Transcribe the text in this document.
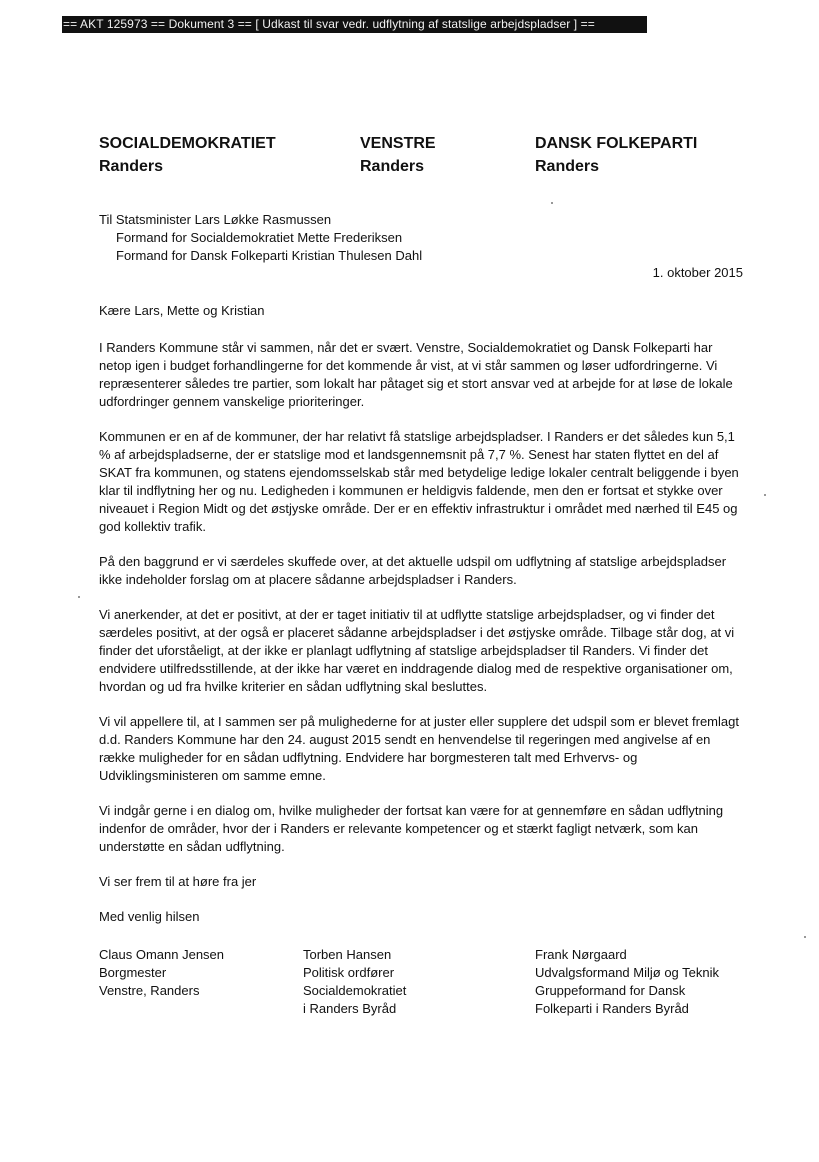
== AKT 125973 == Dokument 3 == [ Udkast til svar vedr. udflytning af statslige arbejdspladser ] ==
SOCIALDEMOKRATIET
Randers
VENSTRE
Randers
DANSK FOLKEPARTI
Randers
Til Statsminister Lars Løkke Rasmussen
Formand for Socialdemokratiet Mette Frederiksen
Formand for Dansk Folkeparti Kristian Thulesen Dahl
1. oktober 2015

Kære Lars, Mette og Kristian

I Randers Kommune står vi sammen, når det er svært. Venstre, Socialdemokratiet og Dansk Folkeparti har netop igen i budget forhandlingerne for det kommende år vist, at vi står sammen og løser udfordringerne. Vi repræsenterer således tre partier, som lokalt har påtaget sig et stort ansvar ved at arbejde for at løse de lokale udfordringer gennem vanskelige prioriteringer.

Kommunen er en af de kommuner, der har relativt få statslige arbejdspladser. I Randers er det således kun 5,1 % af arbejdspladserne, der er statslige mod et landsgennemsnit på 7,7 %. Senest har staten flyttet en del af SKAT fra kommunen, og statens ejendomsselskab står med betydelige ledige lokaler centralt beliggende i byen klar til indflytning her og nu. Ledigheden i kommunen er heldigvis faldende, men den er fortsat et stykke over niveauet i Region Midt og det østjyske område. Der er en effektiv infrastruktur i området med nærhed til E45 og god kollektiv trafik.

På den baggrund er vi særdeles skuffede over, at det aktuelle udspil om udflytning af statslige arbejdspladser ikke indeholder forslag om at placere sådanne arbejdspladser i Randers.

Vi anerkender, at det er positivt, at der er taget initiativ til at udflytte statslige arbejdspladser, og vi finder det særdeles positivt, at der også er placeret sådanne arbejdspladser i det østjyske område. Tilbage står dog, at vi finder det uforståeligt, at der ikke er planlagt udflytning af statslige arbejdspladser til Randers. Vi finder det endvidere utilfredsstillende, at der ikke har været en inddragende dialog med de respektive organisationer om, hvordan og ud fra hvilke kriterier en sådan udflytning skal besluttes.

Vi vil appellere til, at I sammen ser på mulighederne for at juster eller supplere det udspil som er blevet fremlagt d.d. Randers Kommune har den 24. august 2015 sendt en henvendelse til regeringen med angivelse af en række muligheder for en sådan udflytning. Endvidere har borgmesteren talt med Erhvervs- og Udviklingsministeren om samme emne.

Vi indgår gerne i en dialog om, hvilke muligheder der fortsat kan være for at gennemføre en sådan udflytning indenfor de områder, hvor der i Randers er relevante kompetencer og et stærkt fagligt netværk, som kan understøtte en sådan udflytning.

Vi ser frem til at høre fra jer

Med venlig hilsen

Claus Omann Jensen
Borgmester
Venstre, Randers
Torben Hansen
Politisk ordfører
Socialdemokratiet
i Randers Byråd
Frank Nørgaard
Udvalgsformand Miljø og Teknik
Gruppeformand for Dansk
Folkeparti i Randers Byråd
